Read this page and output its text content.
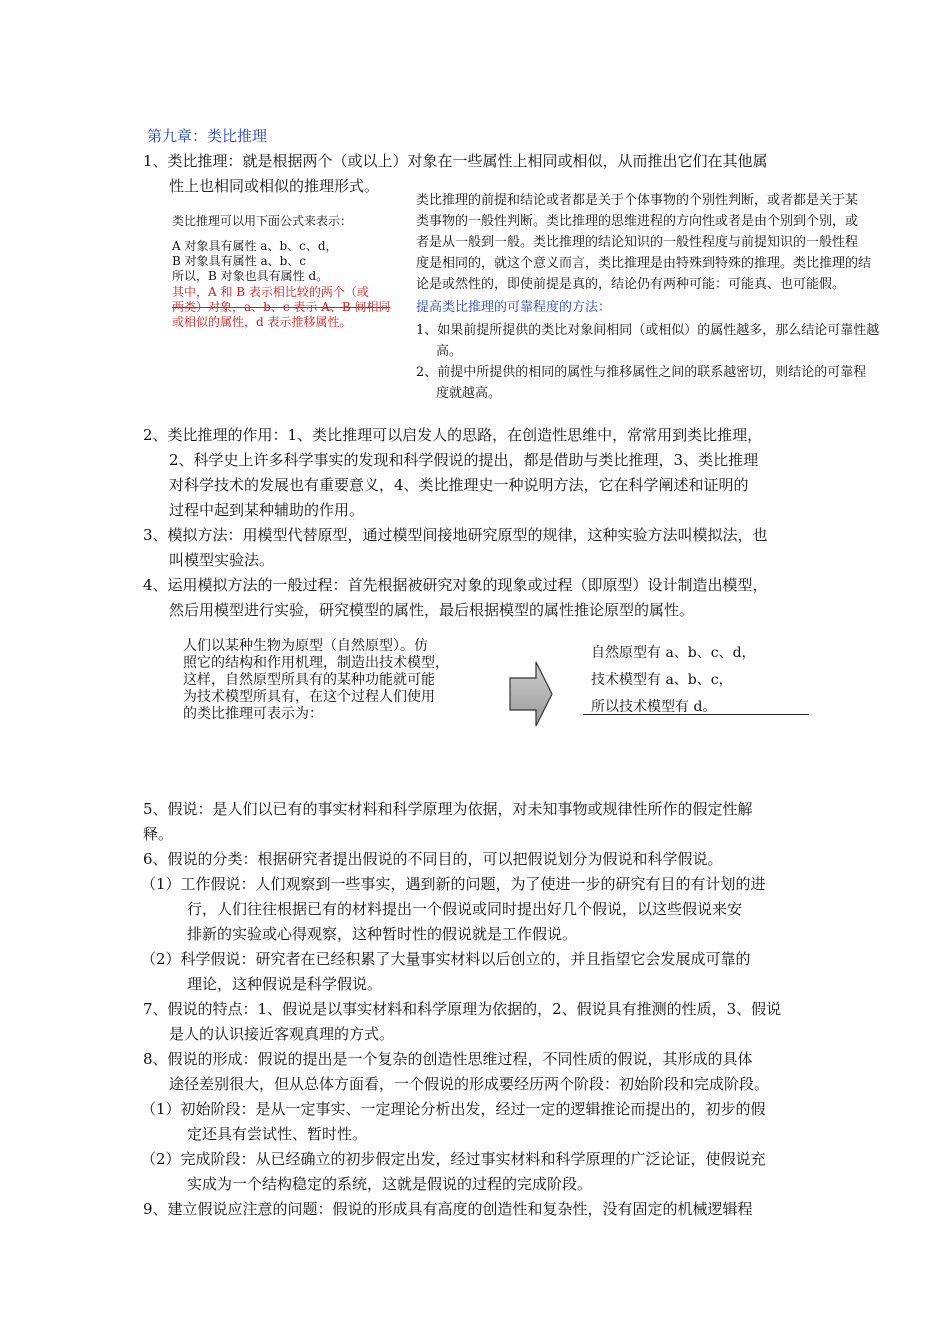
第九章：类比推理
1、类比推理：就是根据两个（或以上）对象在一些属性上相同或相似，从而推出它们在其他属
性上也相同或相似的推理形式。
类比推理可以用下面公式来表示：
A 对象具有属性 a、b、c、d，
B 对象具有属性 a、b、c
所以，B 对象也具有属性 d。
其中，A 和 B 表示相比较的两个（或
两类）对象，a、b、c 表示 A、B 间相同
或相似的属性，d 表示推移属性。
类比推理的前提和结论或者都是关于个体事物的个别性判断，或者都是关于某
类事物的一般性判断。类比推理的思维进程的方向性或者是由个别到个别，或
者是从一般到一般。类比推理的结论知识的一般性程度与前提知识的一般性程
度是相同的，就这个意义而言，类比推理是由特殊到特殊的推理。类比推理的结
论是或然性的，即使前提是真的，结论仍有两种可能：可能真、也可能假。
提高类比推理的可靠程度的方法：
1、如果前提所提供的类比对象间相同（或相似）的属性越多，那么结论可靠性越
高。
2、前提中所提供的相同的属性与推移属性之间的联系越密切，则结论的可靠程
度就越高。
2、类比推理的作用：1、类比推理可以启发人的思路，在创造性思维中，常常用到类比推理，
2、科学史上许多科学事实的发现和科学假说的提出，都是借助与类比推理，3、类比推理
对科学技术的发展也有重要意义，4、类比推理史一种说明方法，它在科学阐述和证明的
过程中起到某种辅助的作用。
3、模拟方法：用模型代替原型，通过模型间接地研究原型的规律，这种实验方法叫模拟法，也
叫模型实验法。
4、运用模拟方法的一般过程：首先根据被研究对象的现象或过程（即原型）设计制造出模型，
然后用模型进行实验，研究模型的属性，最后根据模型的属性推论原型的属性。
人们以某种生物为原型（自然原型）。仿
照它的结构和作用机理，制造出技术模型，
这样，自然原型所具有的某种功能就可能
为技术模型所具有，在这个过程人们使用
的类比推理可表示为：
自然原型有 a、b、c、d，
技术模型有 a、b、c，
所以技术模型有 d。
5、假说：是人们以已有的事实材料和科学原理为依据，对未知事物或规律性所作的假定性解
释。
6、假说的分类：根据研究者提出假说的不同目的，可以把假说划分为假说和科学假说。
（1）工作假说：人们观察到一些事实，遇到新的问题，为了使进一步的研究有目的有计划的进
行，人们往往根据已有的材料提出一个假说或同时提出好几个假说，以这些假说来安
排新的实验或心得观察，这种暂时性的假说就是工作假说。
（2）科学假说：研究者在已经积累了大量事实材料以后创立的，并且指望它会发展成可靠的
理论，这种假说是科学假说。
7、假说的特点：1、假说是以事实材料和科学原理为依据的，2、假说具有推测的性质，3、假说
是人的认识接近客观真理的方式。
8、假说的形成：假说的提出是一个复杂的创造性思维过程，不同性质的假说，其形成的具体
途径差别很大，但从总体方面看，一个假说的形成要经历两个阶段：初始阶段和完成阶段。
（1）初始阶段：是从一定事实、一定理论分析出发，经过一定的逻辑推论而提出的，初步的假
定还具有尝试性、暂时性。
（2）完成阶段：从已经确立的初步假定出发，经过事实材料和科学原理的广泛论证，使假说充
实成为一个结构稳定的系统，这就是假说的过程的完成阶段。
9、建立假说应注意的问题：假说的形成具有高度的创造性和复杂性，没有固定的机械逻辑程
